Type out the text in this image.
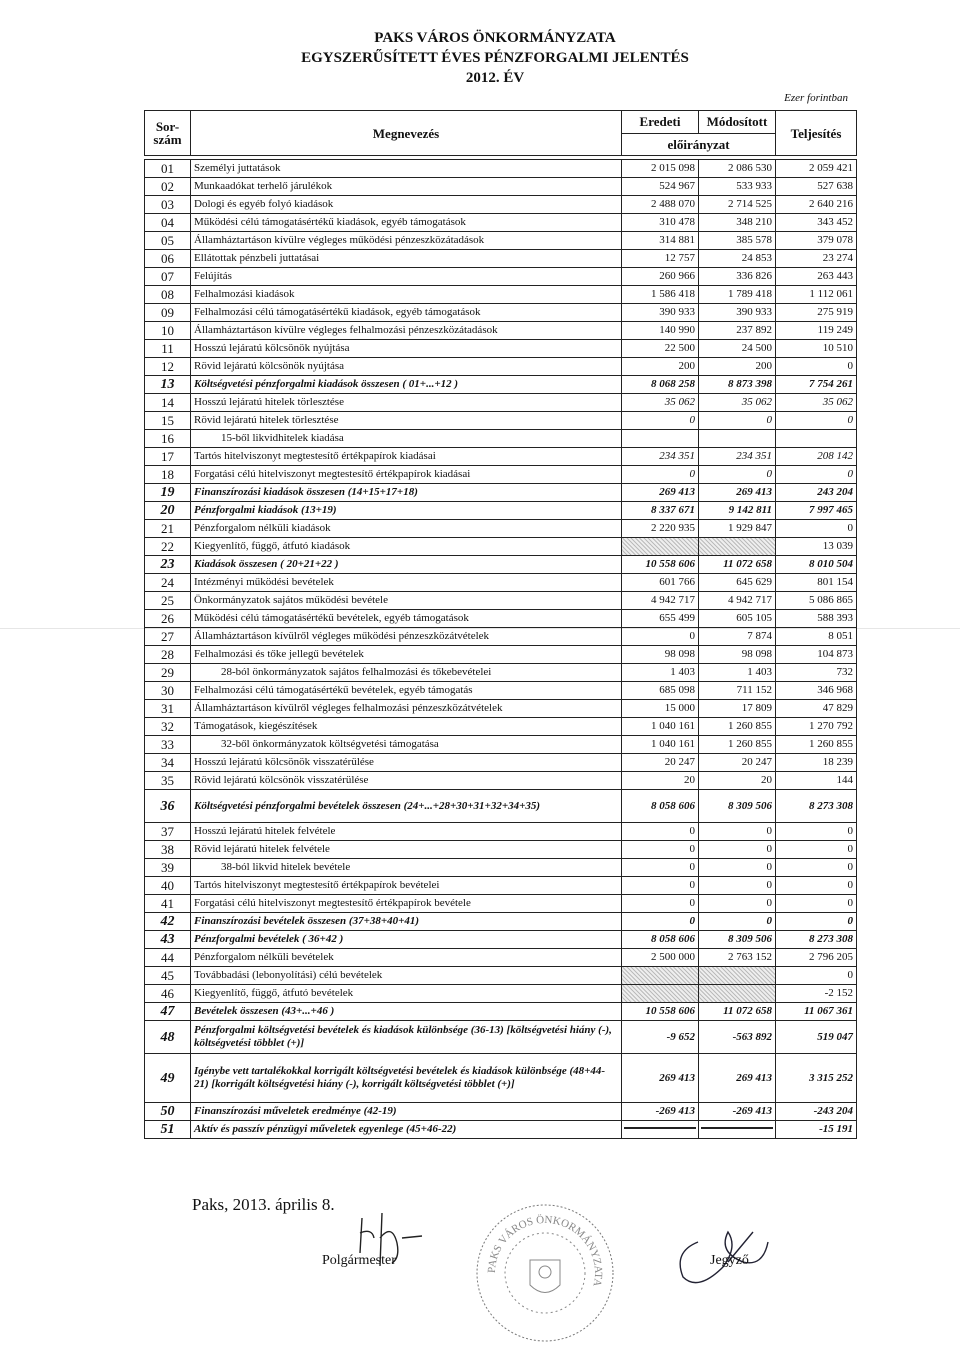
PAKS VÁROS ÖNKORMÁNYZATA
EGYSZERŰSÍTETT ÉVES PÉNZFORGALMI JELENTÉS
2012. ÉV
Ezer forintban
Sor-szám	Megnevezés	Eredeti	Módosított	Teljesítés
		előirányzat		

01	Személyi juttatások	2 015 098	2 086 530	2 059 421
02	Munkaadókat terhelő járulékok	524 967	533 933	527 638
03	Dologi és egyéb folyó kiadások	2 488 070	2 714 525	2 640 216
04	Működési célú támogatásértékű kiadások, egyéb támogatások	310 478	348 210	343 452
05	Államháztartáson kívülre végleges működési pénzeszközátadások	314 881	385 578	379 078
06	Ellátottak pénzbeli juttatásai	12 757	24 853	23 274
07	Felújítás	260 966	336 826	263 443
08	Felhalmozási kiadások	1 586 418	1 789 418	1 112 061
09	Felhalmozási célú támogatásértékű kiadások, egyéb támogatások	390 933	390 933	275 919
10	Államháztartáson kívülre végleges felhalmozási pénzeszközátadások	140 990	237 892	119 249
11	Hosszú lejáratú kölcsönök nyújtása	22 500	24 500	10 510
12	Rövid lejáratú kölcsönök nyújtása	200	200	0
13	Költségvetési pénzforgalmi kiadások összesen ( 01+...+12 )	8 068 258	8 873 398	7 754 261
14	Hosszú lejáratú hitelek törlesztése	35 062	35 062	35 062
15	Rövid lejáratú hitelek törlesztése	0	0	0
16	15-ből likvidhitelek kiadása			
17	Tartós hitelviszonyt megtestesítő értékpapírok kiadásai	234 351	234 351	208 142
18	Forgatási célú hitelviszonyt megtestesítő értékpapírok kiadásai	0	0	0
19	Finanszírozási kiadások összesen (14+15+17+18)	269 413	269 413	243 204
20	Pénzforgalmi kiadások (13+19)	8 337 671	9 142 811	7 997 465
21	Pénzforgalom nélküli kiadások	2 220 935	1 929 847	0
22	Kiegyenlítő, függő, átfutó kiadások			13 039
23	Kiadások összesen ( 20+21+22 )	10 558 606	11 072 658	8 010 504
24	Intézményi működési bevételek	601 766	645 629	801 154
25	Önkormányzatok sajátos működési bevétele	4 942 717	4 942 717	5 086 865
26	Működési célú támogatásértékű bevételek, egyéb támogatások	655 499	605 105	588 393
27	Államháztartáson kívülről végleges működési pénzeszközátvételek	0	7 874	8 051
28	Felhalmozási és tőke jellegű bevételek	98 098	98 098	104 873
29	28-ból önkormányzatok sajátos felhalmozási és tőkebevételei	1 403	1 403	732
30	Felhalmozási célú támogatásértékű bevételek, egyéb támogatás	685 098	711 152	346 968
31	Államháztartáson kívülről végleges felhalmozási pénzeszközátvételek	15 000	17 809	47 829
32	Támogatások, kiegészítések	1 040 161	1 260 855	1 270 792
33	32-ből önkormányzatok költségvetési támogatása	1 040 161	1 260 855	1 260 855
34	Hosszú lejáratú kölcsönök visszatérülése	20 247	20 247	18 239
35	Rövid lejáratú kölcsönök visszatérülése	20	20	144
36	Költségvetési pénzforgalmi bevételek összesen (24+...+28+30+31+32+34+35)	8 058 606	8 309 506	8 273 308
37	Hosszú lejáratú hitelek felvétele	0	0	0
38	Rövid lejáratú hitelek felvétele	0	0	0
39	38-ból likvid hitelek bevétele	0	0	0
40	Tartós hitelviszonyt megtestesítő értékpapírok bevételei	0	0	0
41	Forgatási célú hitelviszonyt megtestesítő értékpapírok bevétele	0	0	0
42	Finanszírozási bevételek összesen (37+38+40+41)	0	0	0
43	Pénzforgalmi bevételek ( 36+42 )	8 058 606	8 309 506	8 273 308
44	Pénzforgalom nélküli bevételek	2 500 000	2 763 152	2 796 205
45	Továbbadási (lebonyolítási) célú bevételek			0
46	Kiegyenlítő, függő, átfutó bevételek			-2 152
47	Bevételek összesen (43+...+46 )	10 558 606	11 072 658	11 067 361
48	Pénzforgalmi költségvetési bevételek és kiadások különbsége (36-13) [költségvetési hiány (-), költségvetési többlet (+)]	-9 652	-563 892	519 047
49	Igénybe vett tartalékokkal korrigált költségvetési bevételek és kiadások különbsége (48+44-21) [korrigált költségvetési hiány (-), korrigált költségvetési többlet (+)]	269 413	269 413	3 315 252
50	Finanszírozási műveletek eredménye (42-19)	-269 413	-269 413	-243 204
51	Aktív és passzív pénzügyi műveletek egyenlege (45+46-22)			-15 191
Paks, 2013. április 8.
Polgármester
PAKS VÁROS ÖNKORMÁNYZATA
Jegyző
